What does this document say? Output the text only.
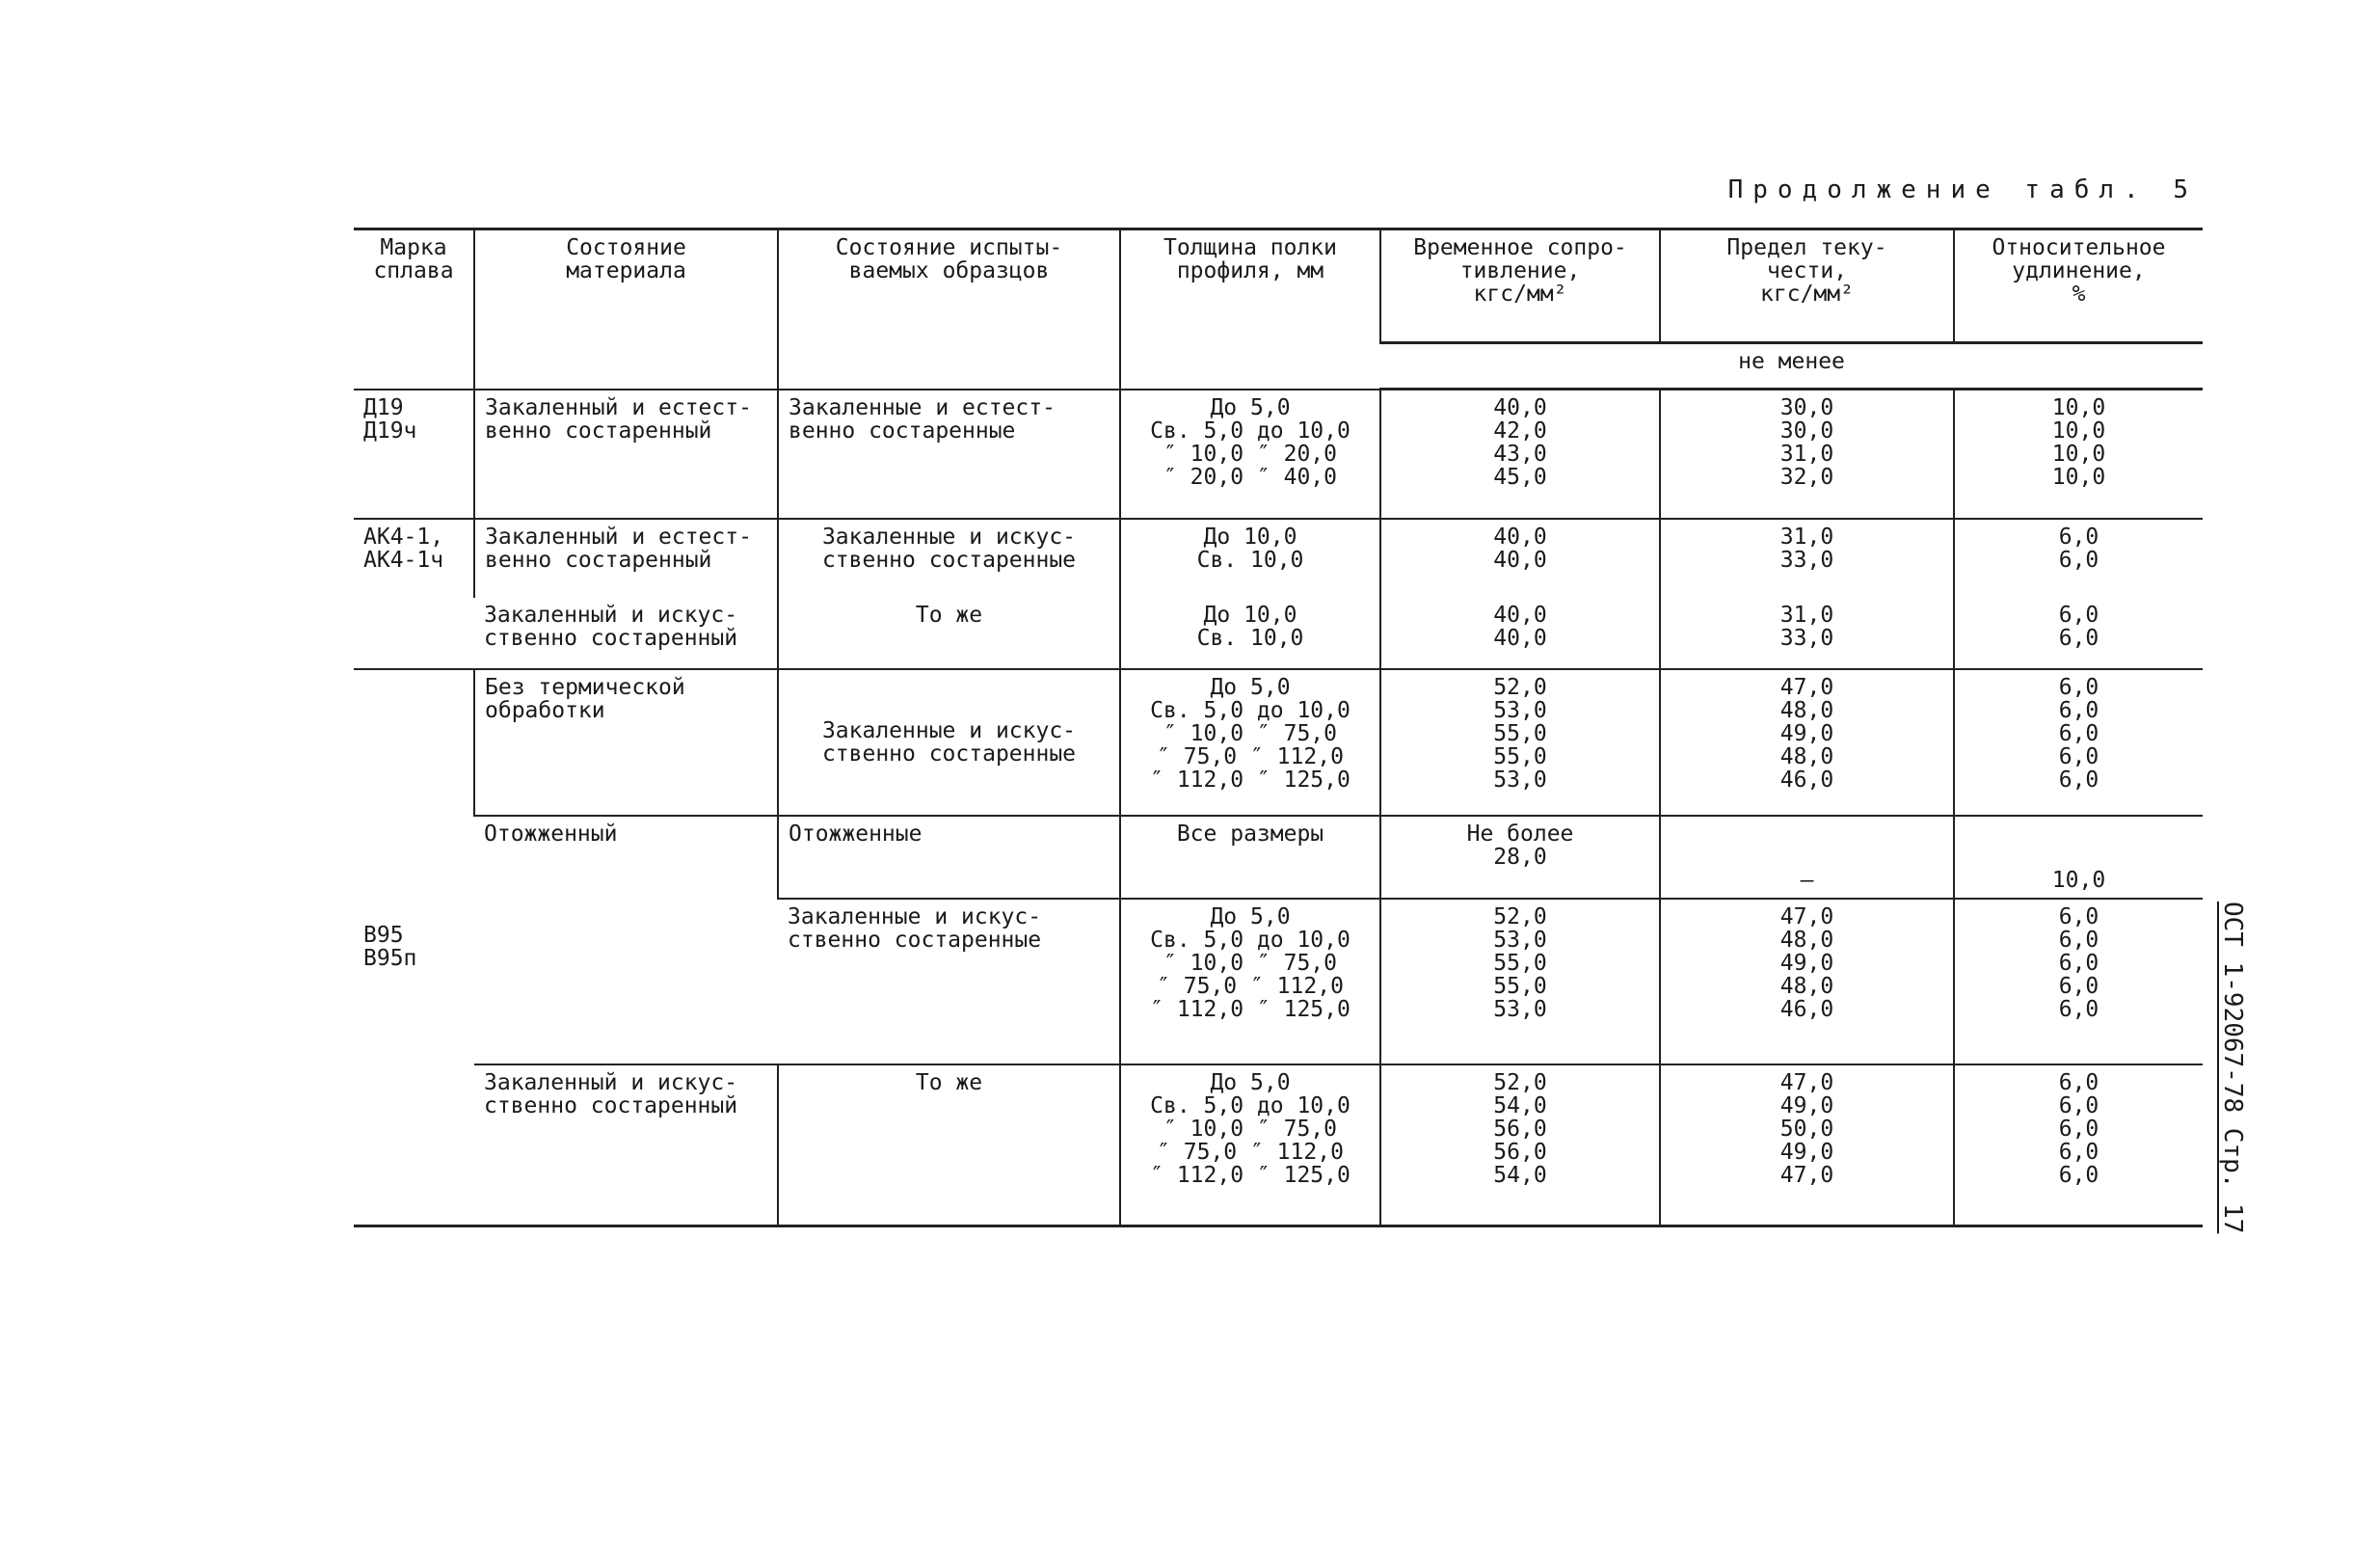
Продолжение табл. 5
ОСТ 1-92067-78 Стр. 17
Марка
сплава	Состояние
материала	Состояние испыты-
ваемых образцов	Толщина полки
профиля, мм	Временное сопро-
тивление,
кгс/мм²	Предел теку-
чести,
кгс/мм²	Относительное
удлинение,
%

				не менее		

Д19
Д19ч	Закаленный и естест-
венно состаренный	Закаленные и естест-
венно состаренные	До 5,0
Св. 5,0 до 10,0
″ 10,0 ″ 20,0
″ 20,0 ″ 40,0	40,0
42,0
43,0
45,0	30,0
30,0
31,0
32,0	10,0
10,0
10,0
10,0

АК4-1,
АК4-1ч	Закаленный и естест-
венно состаренный	Закаленные и искус-
ственно состаренные	До 10,0
Св. 10,0	40,0
40,0	31,0
33,0	6,0
6,0

	Закаленный и искус-
ственно состаренный	То же	До 10,0
Св. 10,0	40,0
40,0	31,0
33,0	6,0
6,0

В95
В95п	Без термической
обработки	Закаленные и искус-
ственно состаренные	До 5,0
Св. 5,0 до 10,0
″ 10,0 ″ 75,0
″ 75,0 ″ 112,0
″ 112,0 ″ 125,0	52,0
53,0
55,0
55,0
53,0	47,0
48,0
49,0
48,0
46,0	6,0
6,0
6,0
6,0
6,0

	Отожженный	Отожженные	Все размеры	Не более
28,0	–	10,0

		Закаленные и искус-
ственно состаренные	До 5,0
Св. 5,0 до 10,0
″ 10,0 ″ 75,0
″ 75,0 ″ 112,0
″ 112,0 ″ 125,0	52,0
53,0
55,0
55,0
53,0	47,0
48,0
49,0
48,0
46,0	6,0
6,0
6,0
6,0
6,0

	Закаленный и искус-
ственно состаренный	То же	До 5,0
Св. 5,0 до 10,0
″ 10,0 ″ 75,0
″ 75,0 ″ 112,0
″ 112,0 ″ 125,0	52,0
54,0
56,0
56,0
54,0	47,0
49,0
50,0
49,0
47,0	6,0
6,0
6,0
6,0
6,0
